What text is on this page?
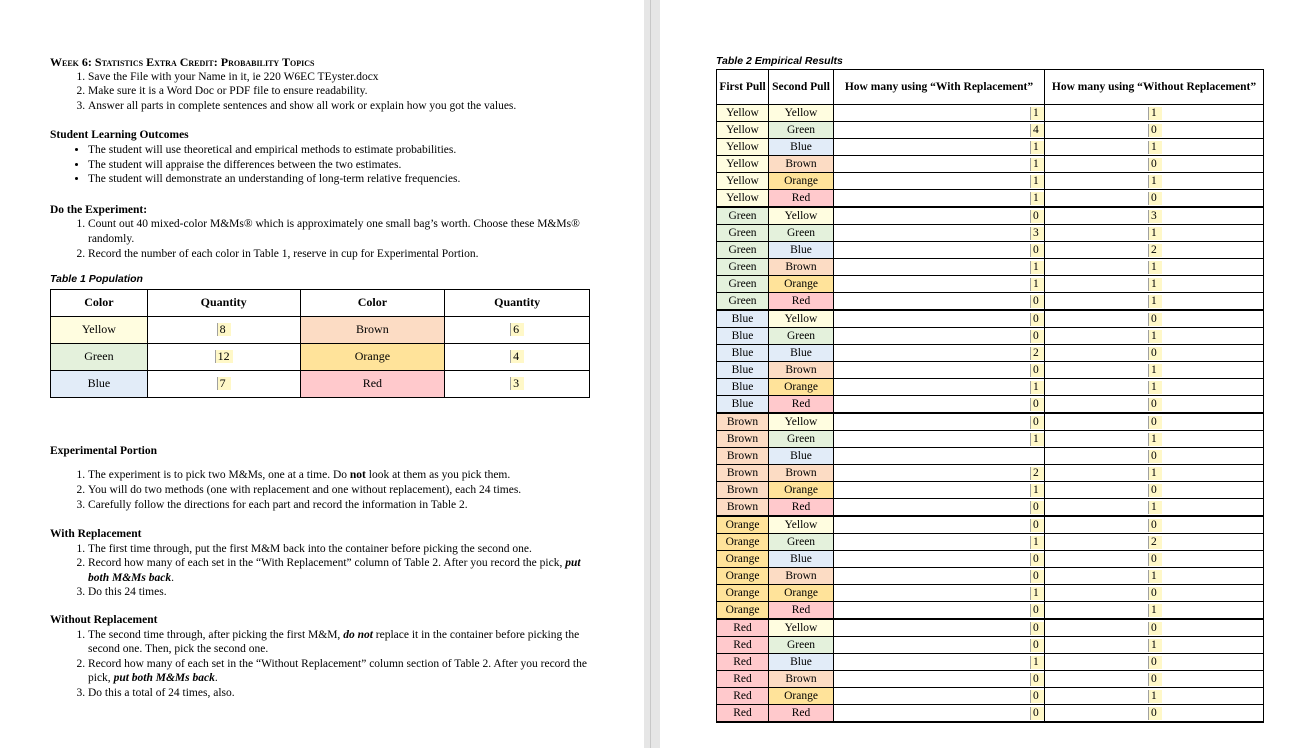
Week 6: Statistics Extra Credit: Probability Topics
1. Save the File with your Name in it, ie 220 W6EC TEyster.docx
2. Make sure it is a Word Doc or PDF file to ensure readability.
3. Answer all parts in complete sentences and show all work or explain how you got the values.
Student Learning Outcomes
• The student will use theoretical and empirical methods to estimate probabilities.
• The student will appraise the differences between the two estimates.
• The student will demonstrate an understanding of long-term relative frequencies.
Do the Experiment:
1. Count out 40 mixed-color M&Ms® which is approximately one small bag’s worth. Choose these M&Ms® randomly.
2. Record the number of each color in Table 1, reserve in cup for Experimental Portion.
Table 1 Population
Color	Quantity	Color	Quantity
Yellow	8	Brown	6
Green	12	Orange	4
Blue	7	Red	3
Experimental Portion
1. The experiment is to pick two M&Ms, one at a time. Do not look at them as you pick them.
2. You will do two methods (one with replacement and one without replacement), each 24 times.
3. Carefully follow the directions for each part and record the information in Table 2.
With Replacement
1. The first time through, put the first M&M back into the container before picking the second one.
2. Record how many of each set in the “With Replacement” column of Table 2. After you record the pick, put both M&Ms back.
3. Do this 24 times.
Without Replacement
1. The second time through, after picking the first M&M, do not replace it in the container before picking the second one. Then, pick the second one.
2. Record how many of each set in the “Without Replacement” column section of Table 2. After you record the pick, put both M&Ms back.
3. Do this a total of 24 times, also.
Table 2 Empirical Results
First Pull	Second Pull	How many using “With Replacement”	How many using “Without Replacement”
Yellow	Yellow	1	1
Yellow	Green	4	0
Yellow	Blue	1	1
Yellow	Brown	1	0
Yellow	Orange	1	1
Yellow	Red	1	0
Green	Yellow	0	3
Green	Green	3	1
Green	Blue	0	2
Green	Brown	1	1
Green	Orange	1	1
Green	Red	0	1
Blue	Yellow	0	0
Blue	Green	0	1
Blue	Blue	2	0
Blue	Brown	0	1
Blue	Orange	1	1
Blue	Red	0	0
Brown	Yellow	0	0
Brown	Green	1	1
Brown	Blue		0
Brown	Brown	2	1
Brown	Orange	1	0
Brown	Red	0	1
Orange	Yellow	0	0
Orange	Green	1	2
Orange	Blue	0	0
Orange	Brown	0	1
Orange	Orange	1	0
Orange	Red	0	1
Red	Yellow	0	0
Red	Green	0	1
Red	Blue	1	0
Red	Brown	0	0
Red	Orange	0	1
Red	Red	0	0
